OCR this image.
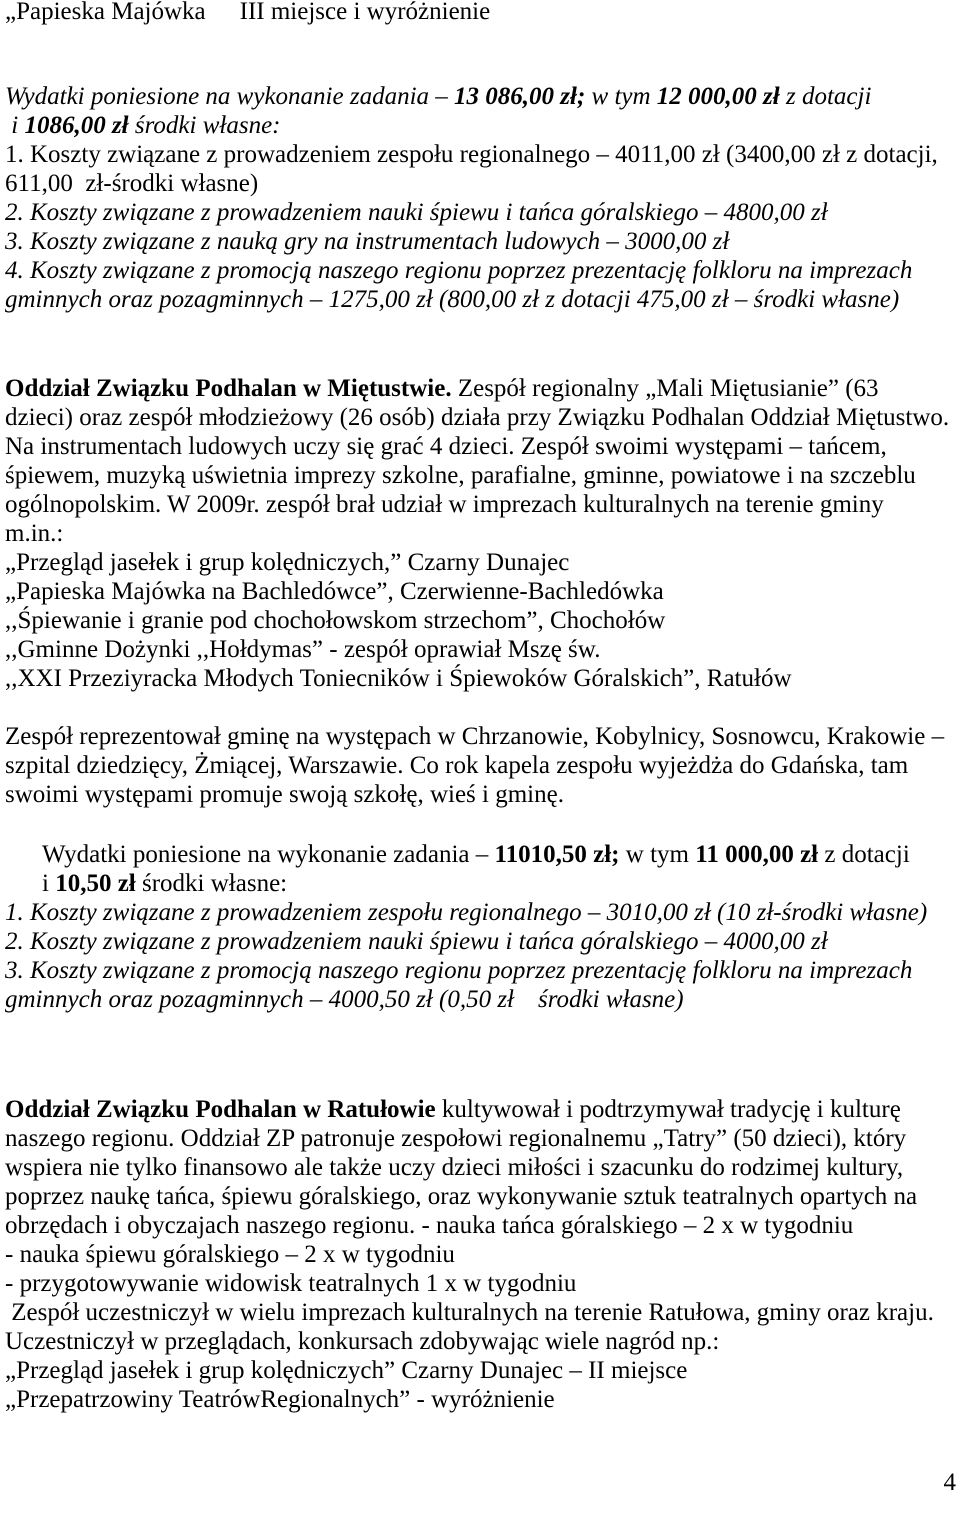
„Papieska Majówka III miejsce i wyróżnienie
Wydatki poniesione na wykonanie zadania – 13 086,00 zł; w tym 12 000,00 zł z dotacji
i 1086,00 zł środki własne:
1. Koszty związane z prowadzeniem zespołu regionalnego – 4011,00 zł (3400,00 zł z dotacji,
611,00  zł-środki własne)
2. Koszty związane z prowadzeniem nauki śpiewu i tańca góralskiego – 4800,00 zł
3. Koszty związane z nauką gry na instrumentach ludowych – 3000,00 zł
4. Koszty związane z promocją naszego regionu poprzez prezentację folkloru na imprezach
gminnych oraz pozagminnych – 1275,00 zł (800,00 zł z dotacji 475,00 zł – środki własne)
Oddział Związku Podhalan w Miętustwie. Zespół regionalny „Mali Miętusianie” (63
dzieci) oraz zespół młodzieżowy (26 osób) działa przy Związku Podhalan Oddział Miętustwo.
Na instrumentach ludowych uczy się grać 4 dzieci. Zespół swoimi występami – tańcem,
śpiewem, muzyką uświetnia imprezy szkolne, parafialne, gminne, powiatowe i na szczeblu
ogólnopolskim. W 2009r. zespół brał udział w imprezach kulturalnych na terenie gminy
m.in.:
„Przegląd jasełek i grup kolędniczych,” Czarny Dunajec
„Papieska Majówka na Bachledówce”, Czerwienne-Bachledówka
,,Śpiewanie i granie pod chochołowskom strzechom”, Chochołów
,,Gminne Dożynki ,,Hołdymas” - zespół oprawiał Mszę św.
,,XXI Przeziyracka Młodych Toniecników i Śpiewoków Góralskich”, Ratułów
Zespół reprezentował gminę na występach w Chrzanowie, Kobylnicy, Sosnowcu, Krakowie –
szpital dziedzięcy, Żmiącej, Warszawie. Co rok kapela zespołu wyjeżdża do Gdańska, tam
swoimi występami promuje swoją szkołę, wieś i gminę.
Wydatki poniesione na wykonanie zadania – 11010,50 zł; w tym 11 000,00 zł z dotacji
i 10,50 zł środki własne:
1. Koszty związane z prowadzeniem zespołu regionalnego – 3010,00 zł (10 zł-środki własne)
2. Koszty związane z prowadzeniem nauki śpiewu i tańca góralskiego – 4000,00 zł
3. Koszty związane z promocją naszego regionu poprzez prezentację folkloru na imprezach
gminnych oraz pozagminnych – 4000,50 zł (0,50 zł środki własne)
Oddział Związku Podhalan w Ratułowie kultywował i podtrzymywał tradycję i kulturę
naszego regionu. Oddział ZP patronuje zespołowi regionalnemu „Tatry” (50 dzieci), który
wspiera nie tylko finansowo ale także uczy dzieci miłości i szacunku do rodzimej kultury,
poprzez naukę tańca, śpiewu góralskiego, oraz wykonywanie sztuk teatralnych opartych na
obrzędach i obyczajach naszego regionu. - nauka tańca góralskiego – 2 x w tygodniu
- nauka śpiewu góralskiego – 2 x w tygodniu
- przygotowywanie widowisk teatralnych 1 x w tygodniu
Zespół uczestniczył w wielu imprezach kulturalnych na terenie Ratułowa, gminy oraz kraju.
Uczestniczył w przeglądach, konkursach zdobywając wiele nagród np.:
„Przegląd jasełek i grup kolędniczych” Czarny Dunajec – II miejsce
„Przepatrzowiny TeatrówRegionalnych” - wyróżnienie
4
